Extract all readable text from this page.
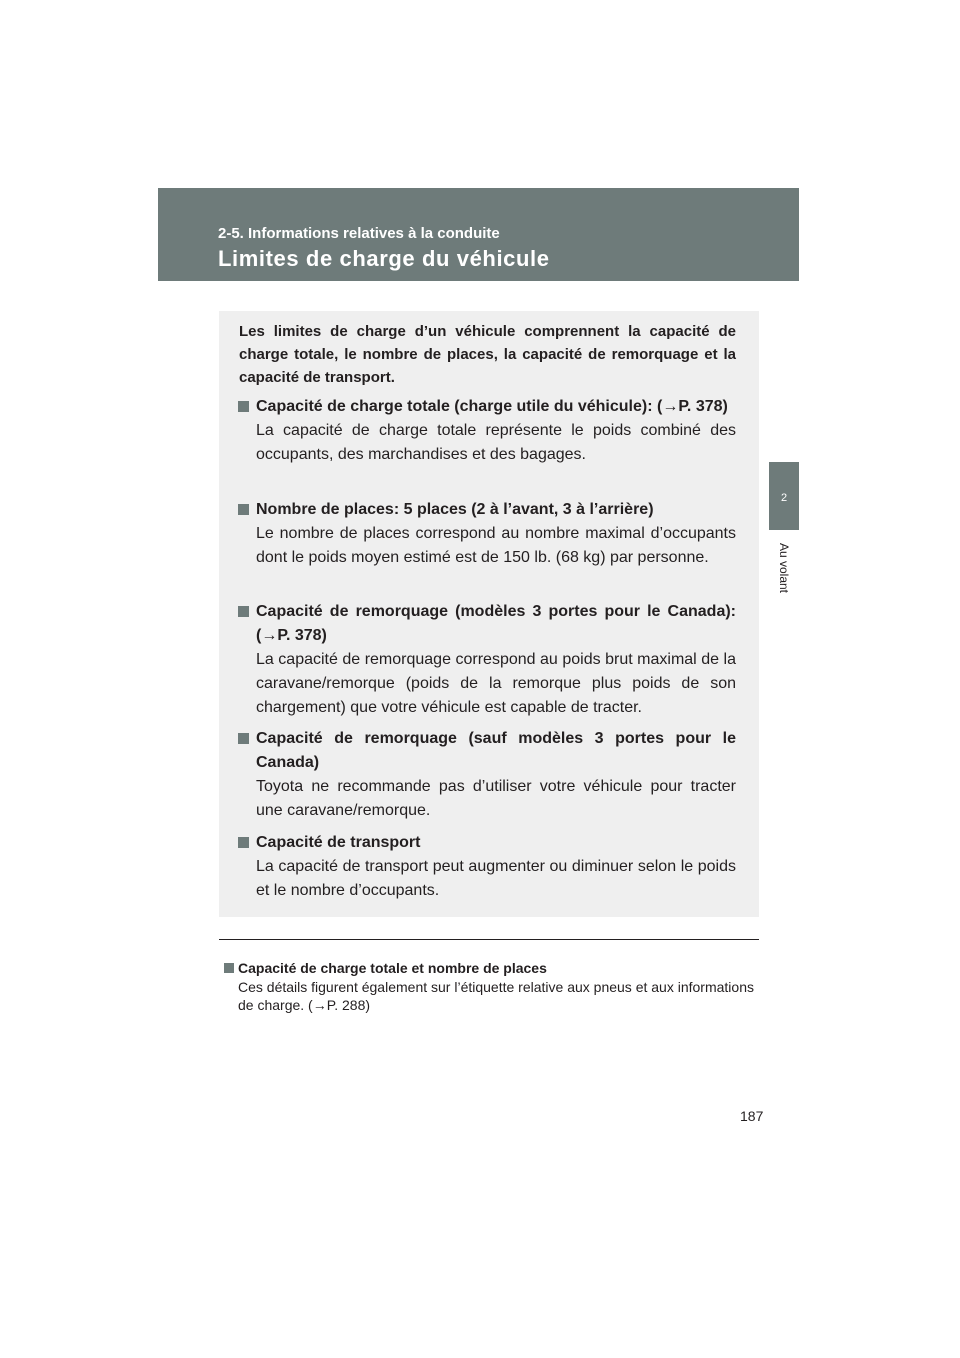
2-5. Informations relatives à la conduite
Limites de charge du véhicule
2
Au volant

Les limites de charge d’un véhicule comprennent la capacité de charge totale, le nombre de places, la capacité de remorquage et la capacité de transport.

Capacité de charge totale (charge utile du véhicule): (→P. 378)

La capacité de charge totale représente le poids combiné des occupants, des marchandises et des bagages.

Nombre de places: 5 places (2 à l’avant, 3 à l’arrière)

Le nombre de places correspond au nombre maximal d’occupants dont le poids moyen estimé est de 150 lb. (68 kg) par personne.

Capacité de remorquage (modèles 3 portes pour le Canada): (→P. 378)

La capacité de remorquage correspond au poids brut maximal de la caravane/remorque (poids de la remorque plus poids de son chargement) que votre véhicule est capable de tracter.

Capacité de remorquage (sauf modèles 3 portes pour le Canada)

Toyota ne recommande pas d’utiliser votre véhicule pour tracter une caravane/remorque.

Capacité de transport

La capacité de transport peut augmenter ou diminuer selon le poids et le nombre d’occupants.

Capacité de charge totale et nombre de places

Ces détails figurent également sur l’étiquette relative aux pneus et aux informations de charge. (→P. 288)

187
